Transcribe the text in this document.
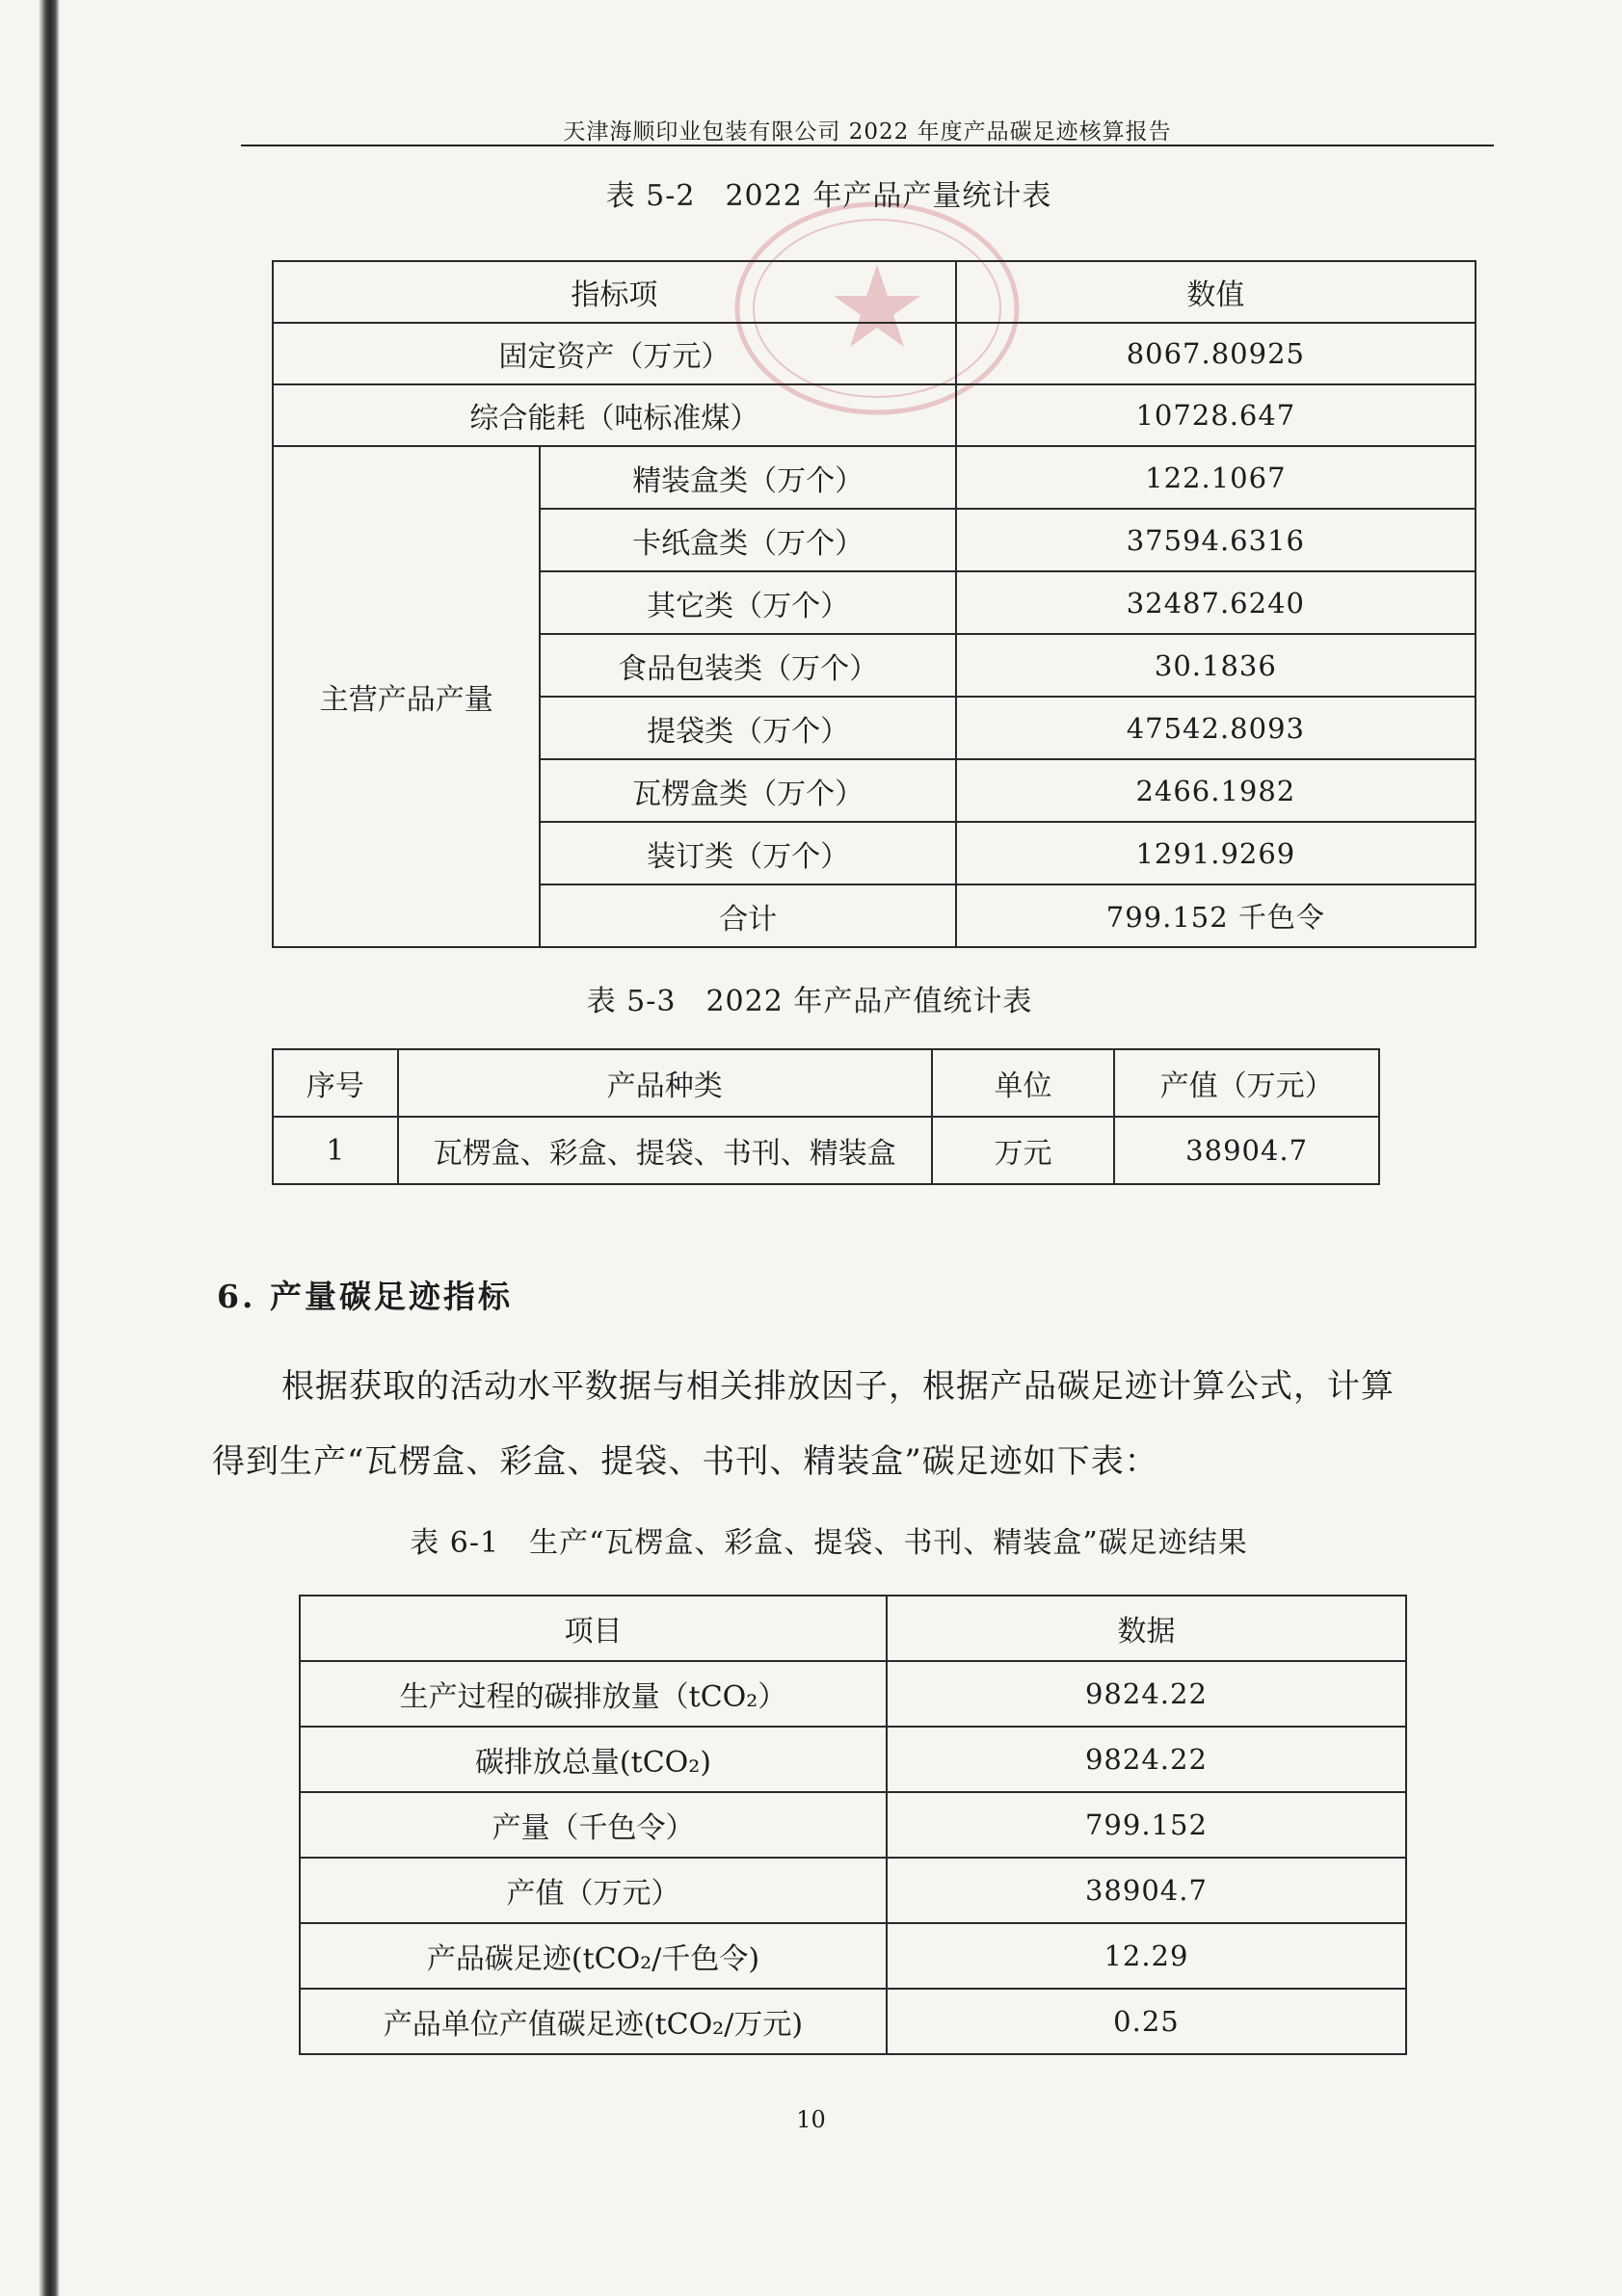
天津海顺印业包装有限公司 2022 年度产品碳足迹核算报告
表 5-2　2022 年产品产量统计表
指标项		数值
固定资产（万元）		8067.80925
综合能耗（吨标准煤）		10728.647
主营产品产量	精装盒类（万个）	122.1067
	卡纸盒类（万个）	37594.6316
	其它类（万个）	32487.6240
	食品包装类（万个）	30.1836
	提袋类（万个）	47542.8093
	瓦楞盒类（万个）	2466.1982
	装订类（万个）	1291.9269
	合计	799.152 千色令
表 5-3　2022 年产品产值统计表
序号	产品种类	单位	产值（万元）
1	瓦楞盒、彩盒、提袋、书刊、精装盒	万元	38904.7
6. 产量碳足迹指标
根据获取的活动水平数据与相关排放因子，根据产品碳足迹计算公式，计算
得到生产“瓦楞盒、彩盒、提袋、书刊、精装盒”碳足迹如下表：
表 6-1　生产“瓦楞盒、彩盒、提袋、书刊、精装盒”碳足迹结果
项目	数据
生产过程的碳排放量（tCO₂）	9824.22
碳排放总量(tCO₂)	9824.22
产量（千色令）	799.152
产值（万元）	38904.7
产品碳足迹(tCO₂/千色令)	12.29
产品单位产值碳足迹(tCO₂/万元)	0.25
10
